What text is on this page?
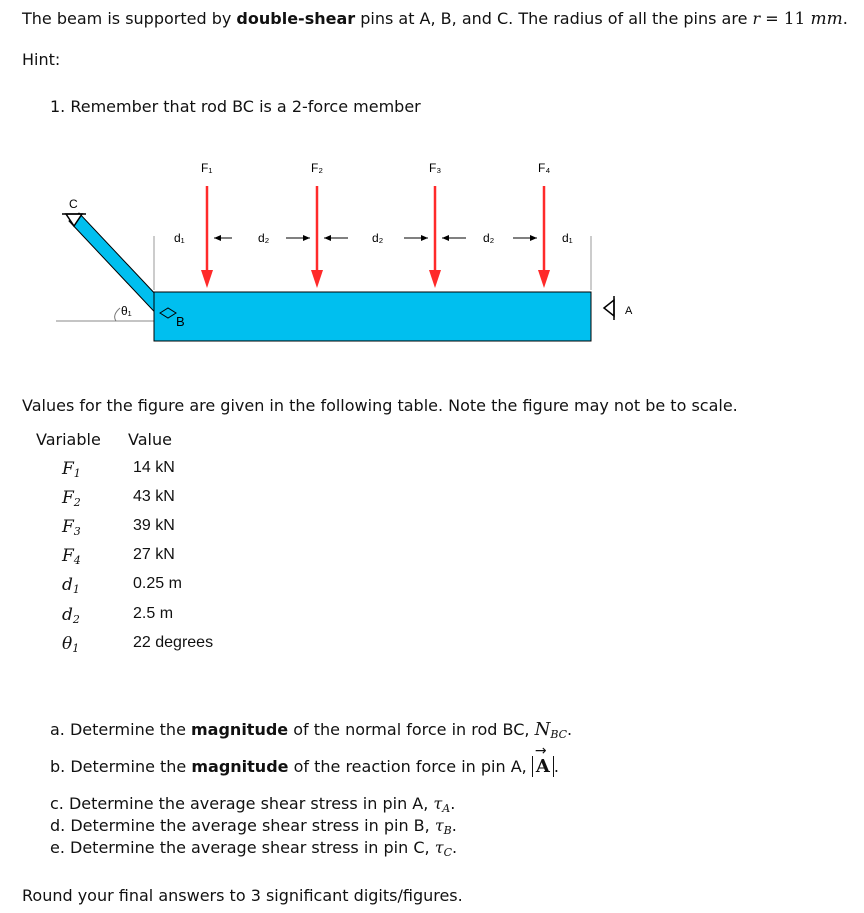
The beam is supported by double-shear pins at A, B, and C. The radius of all the pins are r = 11 mm.
Hint:
1. Remember that rod BC is a 2-force member
C
θ₁
B
A
F₁	F₂	F₃	F₄
d₁	d₂	d₂	d₂	d₁
Values for the figure are given in the following table. Note the figure may not be to scale.
Variable Value
$F_1$	14 kN
$F_2$	43 kN
$F_3$	39 kN
$F_4$	27 kN
$d_1$	0.25 m
$d_2$	2.5 m
$\theta_1$	22 degrees
a. Determine the magnitude of the normal force in rod BC, $N_{BC}$.
b. Determine the magnitude of the reaction force in pin A,
→
A .
c. Determine the average shear stress in pin A, $\tau_A$.
d. Determine the average shear stress in pin B, $\tau_B$.
e. Determine the average shear stress in pin C, $\tau_C$.
Round your final answers to 3 significant digits/figures.
